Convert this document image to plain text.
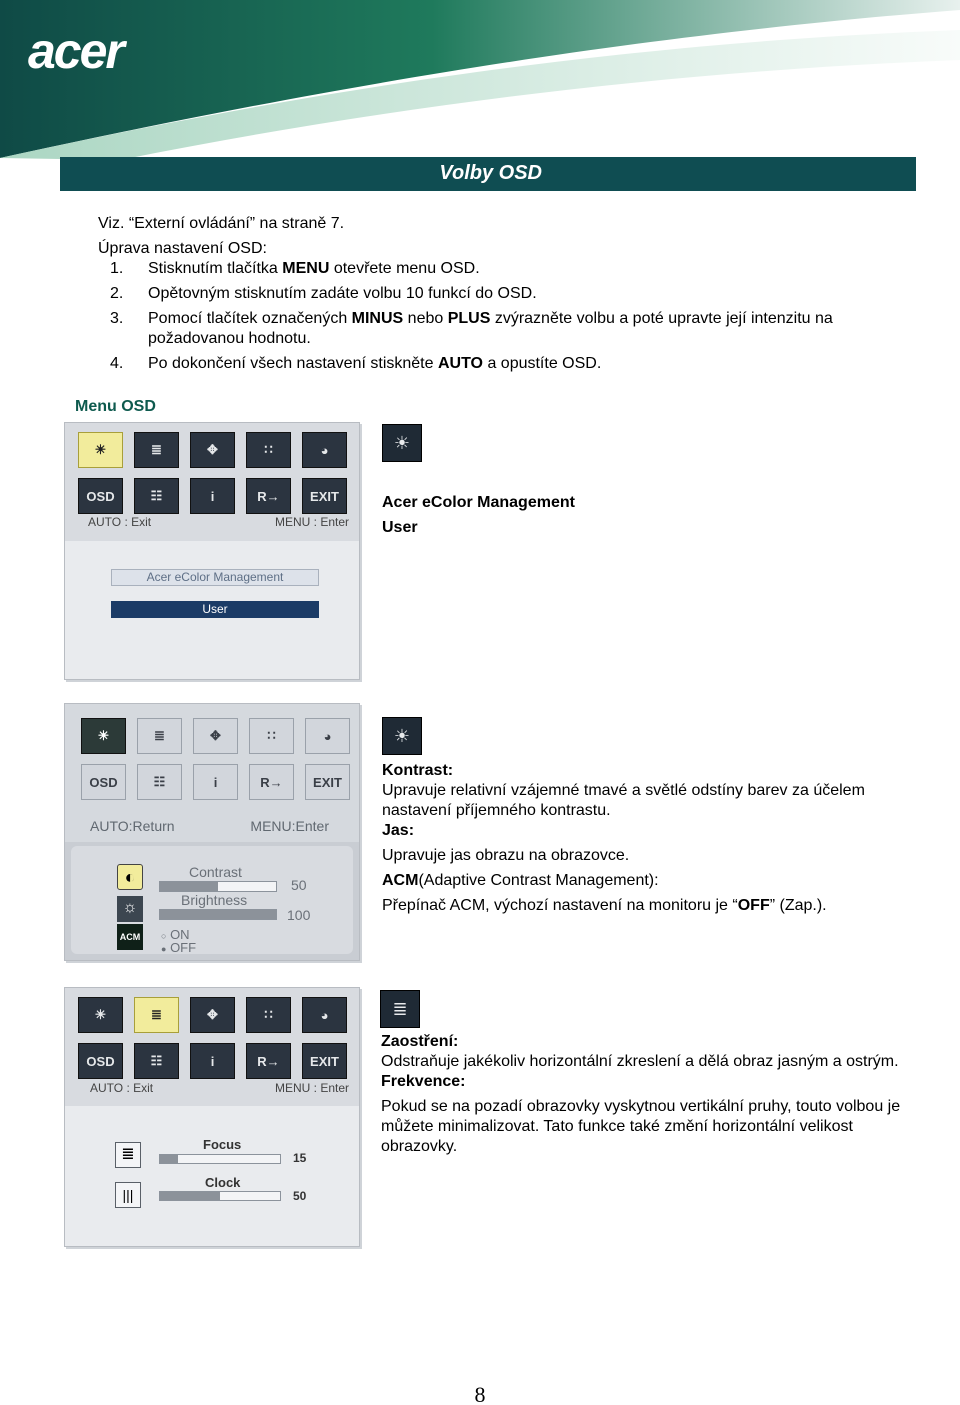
acer
Volby OSD
Viz. “Externí ovládání” na straně 7.
Úprava nastavení OSD:
1. Stisknutím tlačítka MENU otevřete menu OSD.
2. Opětovným stisknutím zadáte volbu 10 funkcí do OSD.
3. Pomocí tlačítek označených MINUS nebo PLUS zvýrazněte volbu a poté upravte její intenzitu na požadovanou hodnotu.
4. Po dokončení všech nastavení stiskněte AUTO a opustíte OSD.
Menu OSD
☀	≣	✥	∷	◕
OSD	☷	i	R→	EXIT
AUTO : Exit	MENU : Enter
Acer eColor Management
User
☀
Acer eColor Management
User
☀	≣	✥	∷	◕
OSD	☷	i	R→	EXIT
AUTO:Return	MENU:Enter
◐
☼
ACM
Contrast
50
Brightness
100
○ ON
● OFF
☀
Kontrast:
Upravuje relativní vzájemné tmavé a světlé odstíny barev za účelem nastavení příjemného kontrastu.
Jas:
Upravuje jas obrazu na obrazovce.
ACM(Adaptive Contrast Management):
Přepínač ACM, výchozí nastavení na monitoru je “OFF” (Zap.).
☀	≣	✥	∷	◕
OSD	☷	i	R→	EXIT
AUTO : Exit	MENU : Enter
≣
|||
Focus
15
Clock
50
≣
Zaostření:
Odstraňuje jakékoliv horizontální zkreslení a dělá obraz jasným a ostrým.
Frekvence:
Pokud se na pozadí obrazovky vyskytnou vertikální pruhy, touto volbou je můžete minimalizovat. Tato funkce také změní horizontální velikost obrazovky.
8
